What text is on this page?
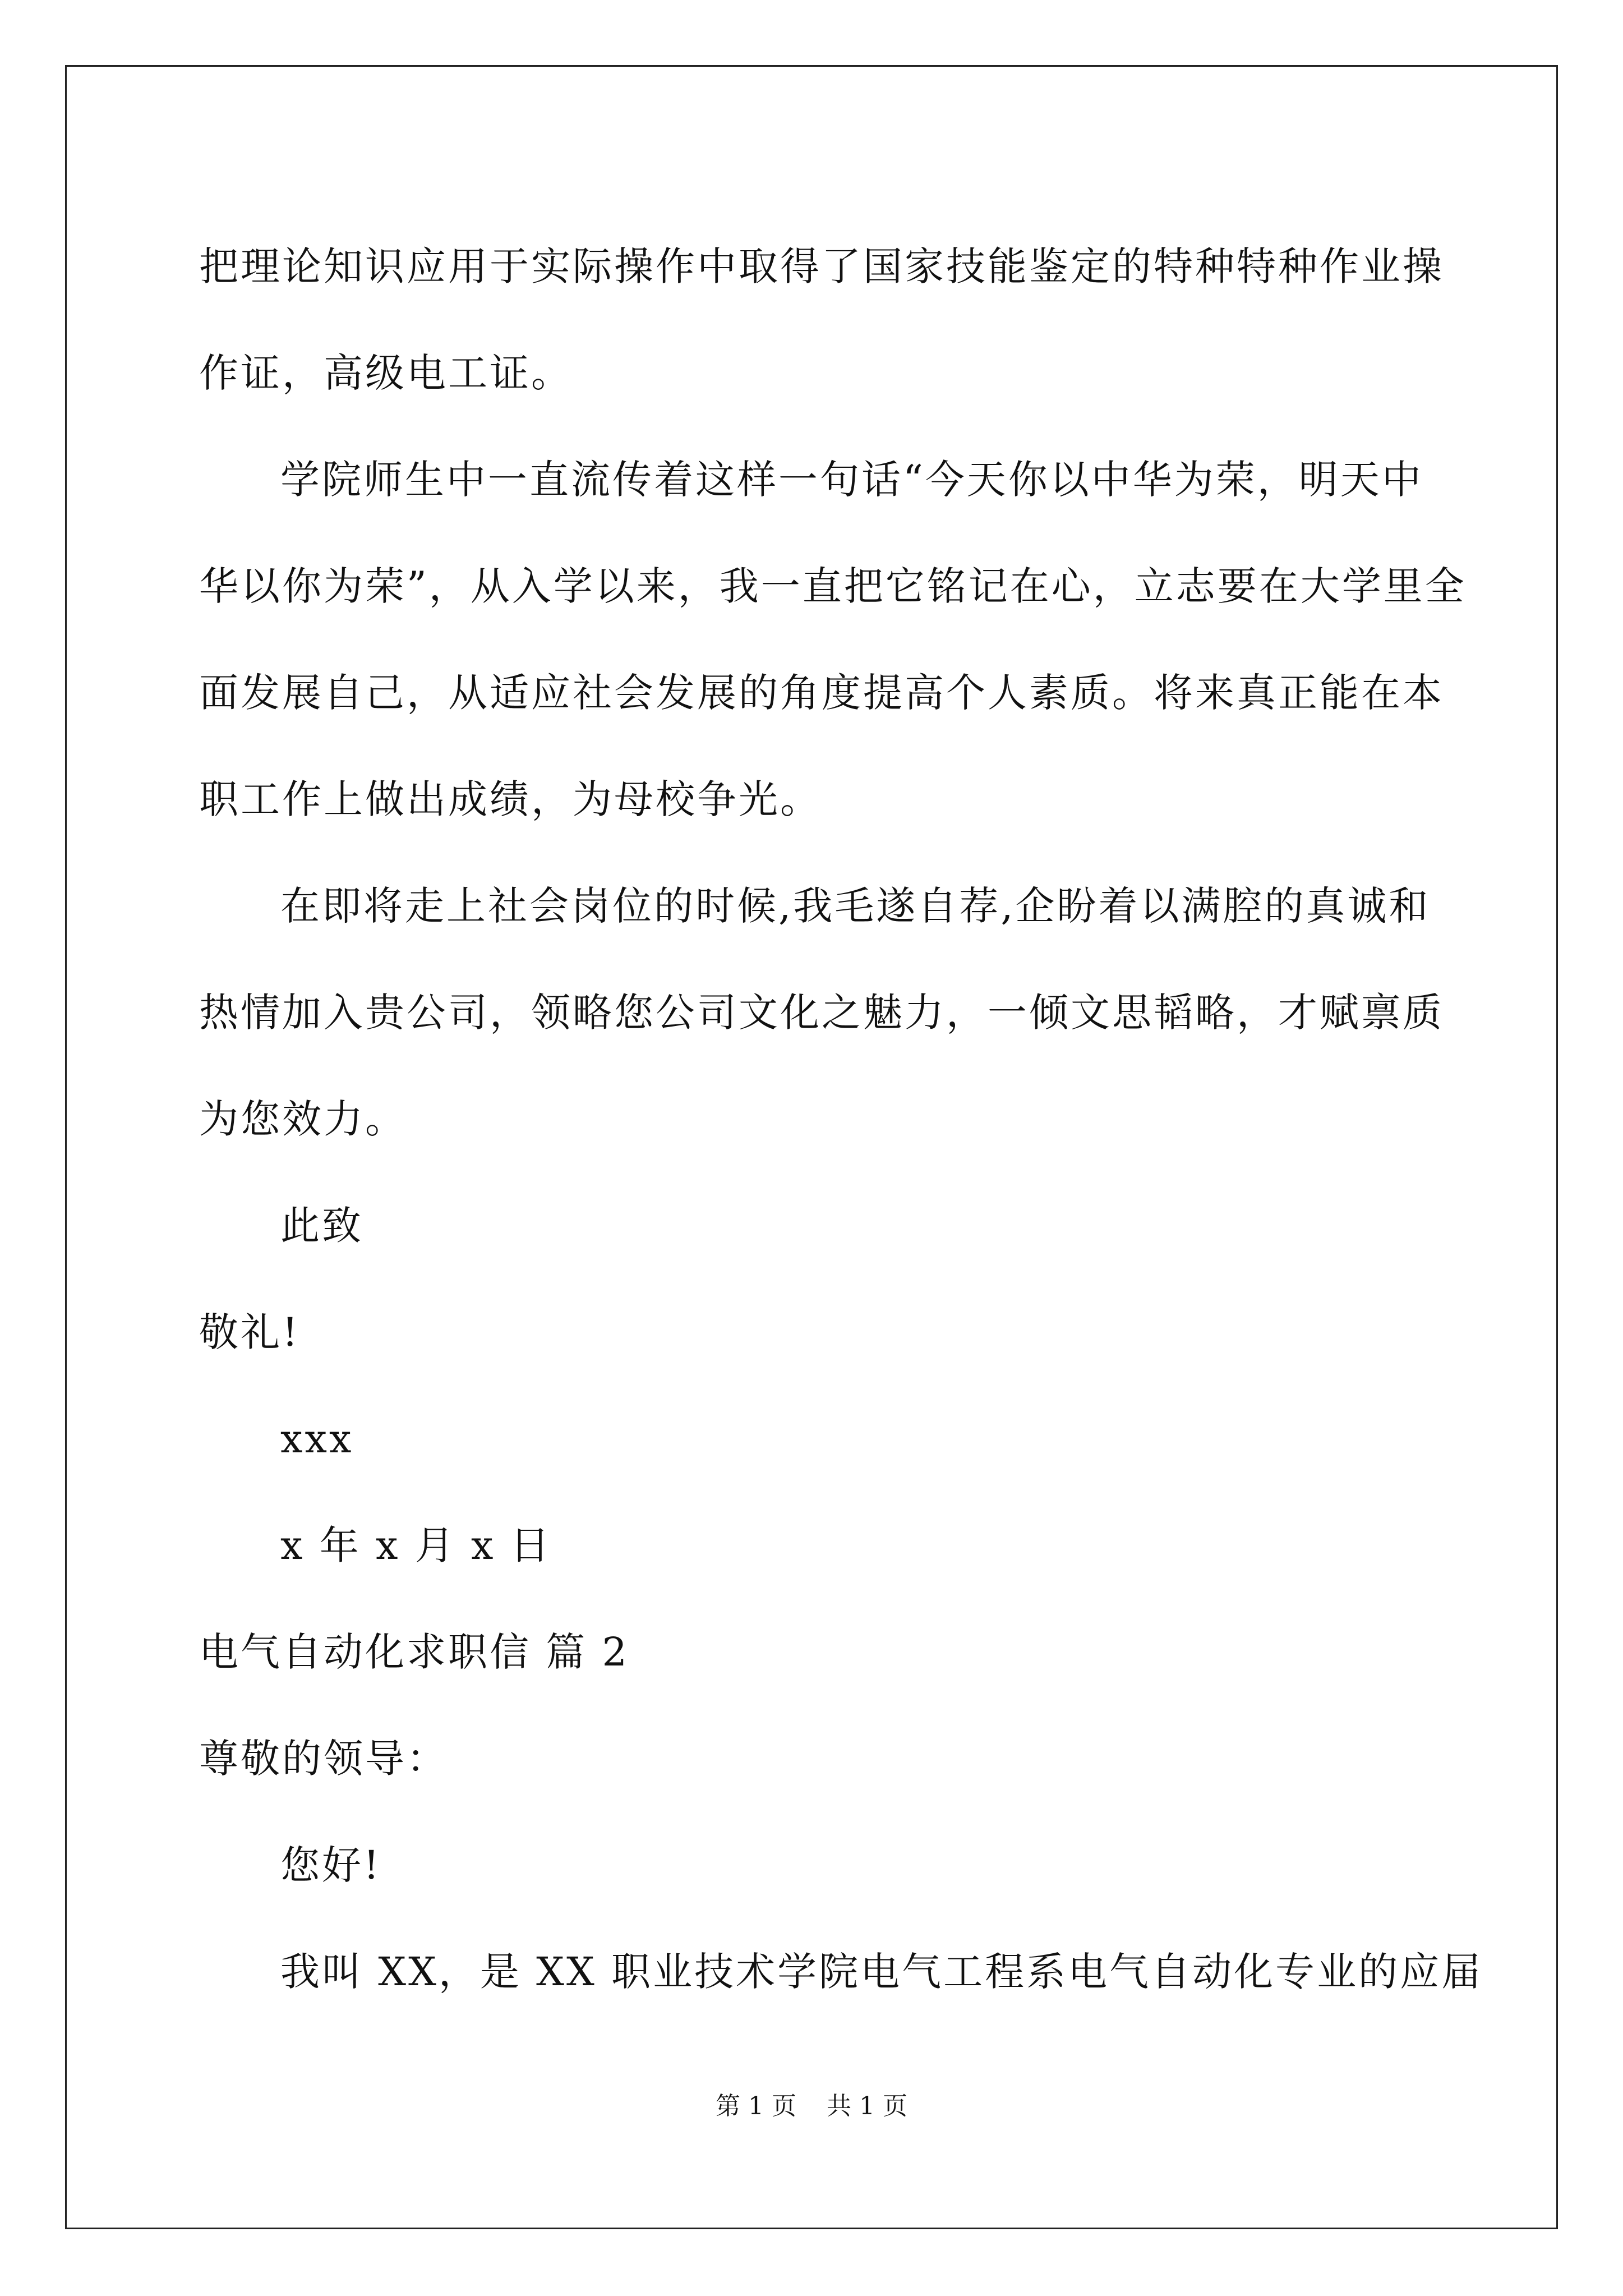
把理论知识应用于实际操作中取得了国家技能鉴定的特种特种作业操
作证，高级电工证。
学院师生中一直流传着这样一句话“今天你以中华为荣，明天中
华以你为荣”，从入学以来，我一直把它铭记在心，立志要在大学里全
面发展自己，从适应社会发展的角度提高个人素质。将来真正能在本
职工作上做出成绩，为母校争光。
在即将走上社会岗位的时候,我毛遂自荐,企盼着以满腔的真诚和
热情加入贵公司，领略您公司文化之魅力，一倾文思韬略，才赋禀质
为您效力。
此致
敬礼!
xxx
x 年 x 月 x 日
电气自动化求职信 篇 2
尊敬的领导：
您好!
我叫 XX，是 XX 职业技术学院电气工程系电气自动化专业的应届
第 1 页 共 1 页
